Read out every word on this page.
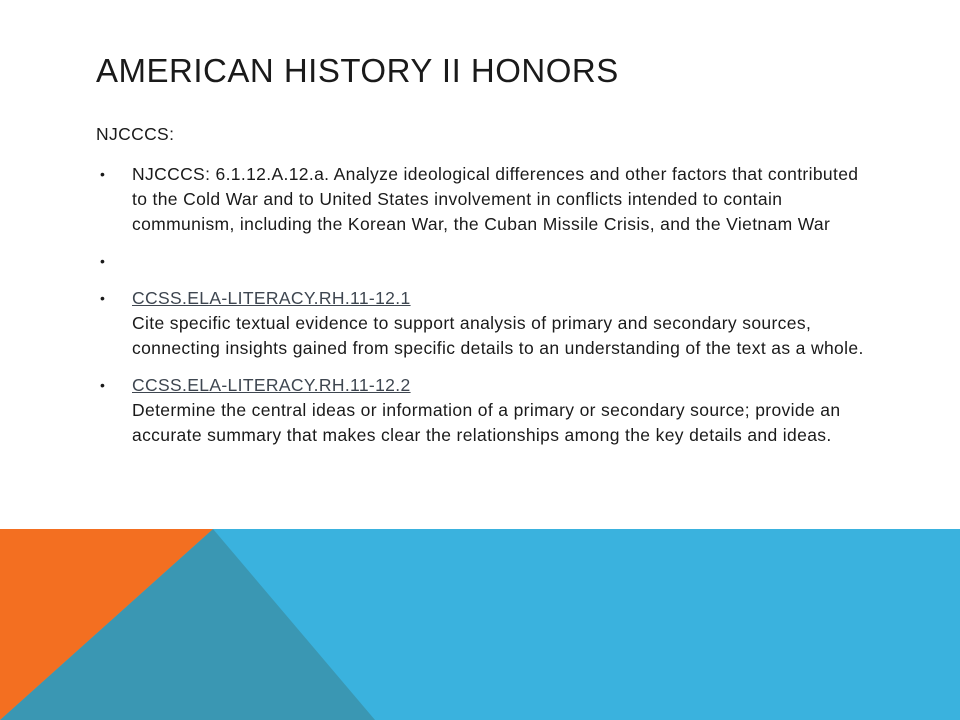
AMERICAN HISTORY II HONORS

NJCCCS:

• NJCCCS: 6.1.12.A.12.a. Analyze ideological differences and other factors that contributed to the Cold War and to United States involvement in conflicts intended to contain communism, including the Korean War, the Cuban Missile Crisis, and the Vietnam War
•
• CCSS.ELA-LITERACY.RH.11-12.1
Cite specific textual evidence to support analysis of primary and secondary sources, connecting insights gained from specific details to an understanding of the text as a whole.
• CCSS.ELA-LITERACY.RH.11-12.2
Determine the central ideas or information of a primary or secondary source; provide an accurate summary that makes clear the relationships among the key details and ideas.
